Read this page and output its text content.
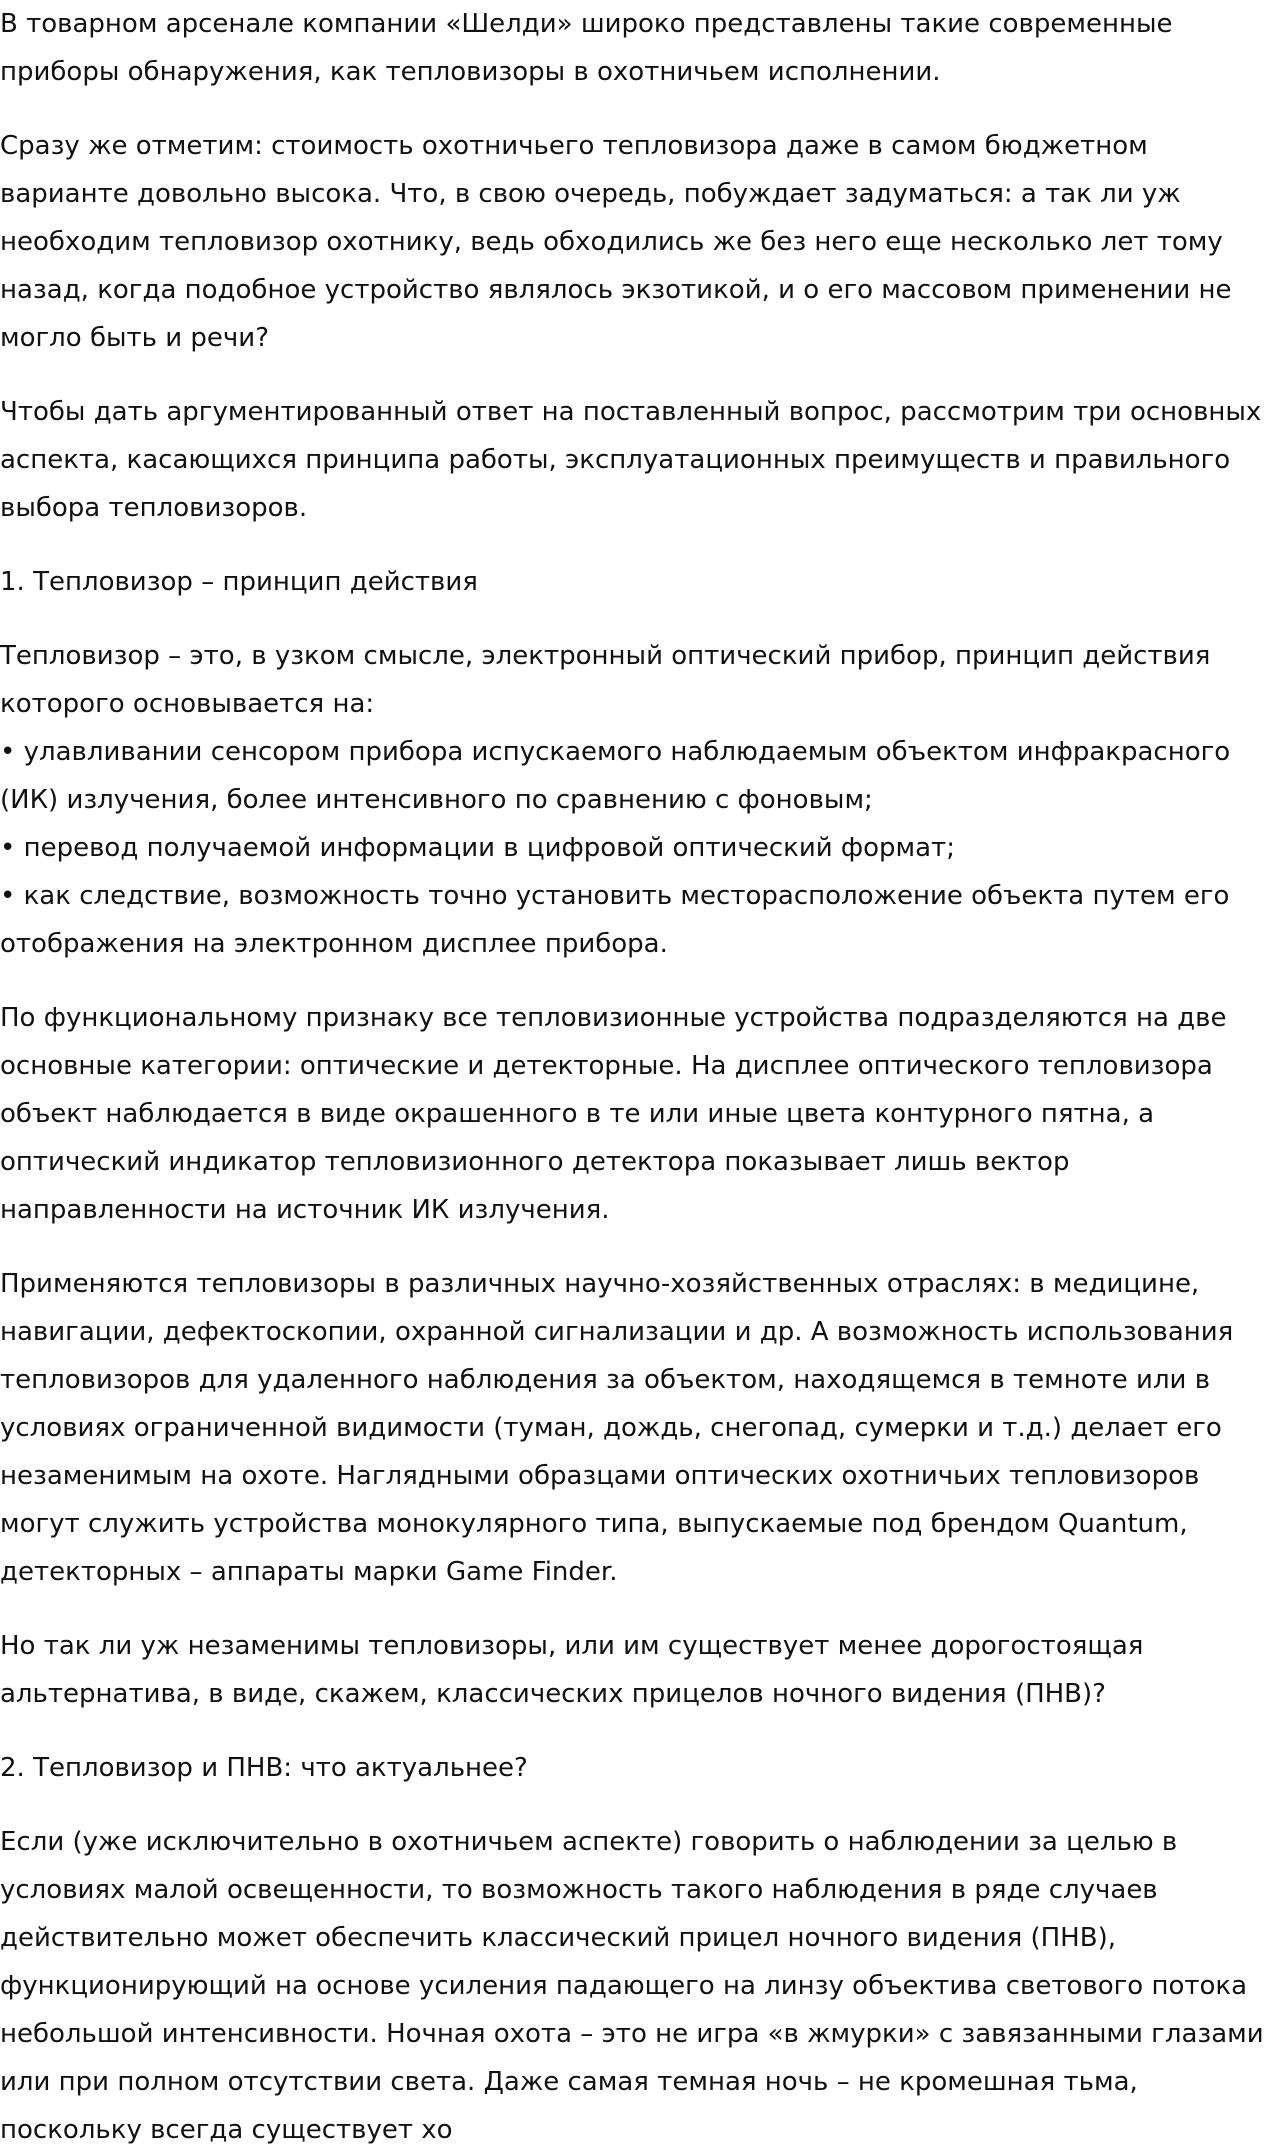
В товарном арсенале компании «Шелди» широко представлены такие современные приборы обнаружения, как тепловизоры в охотничьем исполнении.

Сразу же отметим: стоимость охотничьего тепловизора даже в самом бюджетном варианте довольно высока. Что, в свою очередь, побуждает задуматься: а так ли уж необходим тепловизор охотнику, ведь обходились же без него еще несколько лет тому назад, когда подобное устройство являлось экзотикой, и о его массовом применении не могло быть и речи?

Чтобы дать аргументированный ответ на поставленный вопрос, рассмотрим три основных аспекта, касающихся принципа работы, эксплуатационных преимуществ и правильного выбора тепловизоров.

1. Тепловизор – принцип действия

Тепловизор – это, в узком смысле, электронный оптический прибор, принцип действия которого основывается на:
• улавливании сенсором прибора испускаемого наблюдаемым объектом инфракрасного (ИК) излучения, более интенсивного по сравнению с фоновым;
• перевод получаемой информации в цифровой оптический формат;
• как следствие, возможность точно установить месторасположение объекта путем его отображения на электронном дисплее прибора.

По функциональному признаку все тепловизионные устройства подразделяются на две основные категории: оптические и детекторные. На дисплее оптического тепловизора объект наблюдается в виде окрашенного в те или иные цвета контурного пятна, а оптический индикатор тепловизионного детектора показывает лишь вектор направленности на источник ИК излучения.

Применяются тепловизоры в различных научно-хозяйственных отраслях: в медицине, навигации, дефектоскопии, охранной сигнализации и др. А возможность использования тепловизоров для удаленного наблюдения за объектом, находящемся в темноте или в условиях ограниченной видимости (туман, дождь, снегопад, сумерки и т.д.) делает его незаменимым на охоте. Наглядными образцами оптических охотничьих тепловизоров могут служить устройства монокулярного типа, выпускаемые под брендом Quantum, детекторных – аппараты марки Game Finder.

Но так ли уж незаменимы тепловизоры, или им существует менее дорогостоящая альтернатива, в виде, скажем, классических прицелов ночного видения (ПНВ)?

2. Тепловизор и ПНВ: что актуальнее?

Если (уже исключительно в охотничьем аспекте) говорить о наблюдении за целью в условиях малой освещенности, то возможность такого наблюдения в ряде случаев действительно может обеспечить классический прицел ночного видения (ПНВ), функционирующий на основе усиления падающего на линзу объектива светового потока небольшой интенсивности. Ночная охота – это не игра «в жмурки» с завязанными глазами или при полном отсутствии света. Даже самая темная ночь – не кромешная тьма, поскольку всегда существует хо
